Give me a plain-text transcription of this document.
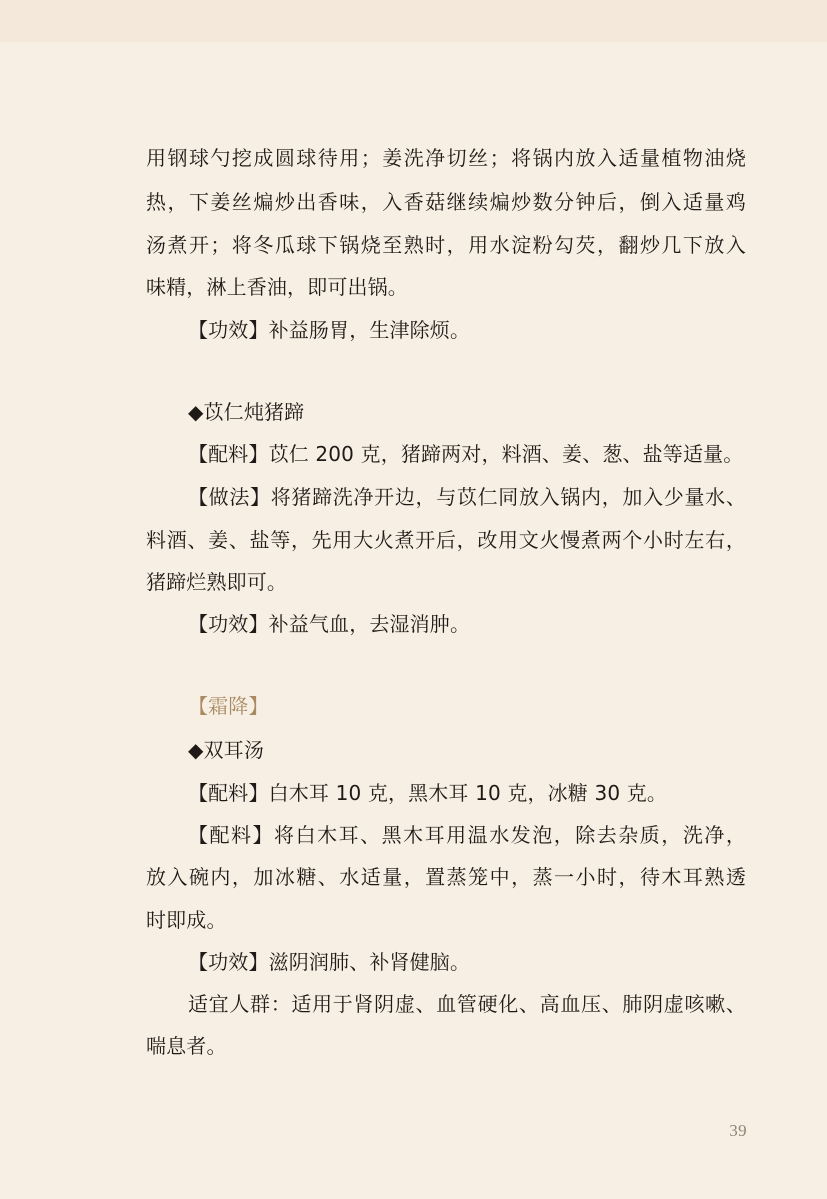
用钢球勺挖成圆球待用；姜洗净切丝；将锅内放入适量植物油烧

热，下姜丝煸炒出香味，入香菇继续煸炒数分钟后，倒入适量鸡

汤煮开；将冬瓜球下锅烧至熟时，用水淀粉勾芡，翻炒几下放入

味精，淋上香油，即可出锅。

【功效】补益肠胃，生津除烦。

◆苡仁炖猪蹄

【配料】苡仁 200 克，猪蹄两对，料酒、姜、葱、盐等适量。

【做法】将猪蹄洗净开边，与苡仁同放入锅内，加入少量水、

料酒、姜、盐等，先用大火煮开后，改用文火慢煮两个小时左右，

猪蹄烂熟即可。

【功效】补益气血，去湿消肿。

【霜降】

◆双耳汤

【配料】白木耳 10 克，黑木耳 10 克，冰糖 30 克。

【配料】将白木耳、黑木耳用温水发泡，除去杂质，洗净，

放入碗内，加冰糖、水适量，置蒸笼中，蒸一小时，待木耳熟透

时即成。

【功效】滋阴润肺、补肾健脑。

适宜人群：适用于肾阴虚、血管硬化、高血压、肺阴虚咳嗽、

喘息者。

39
